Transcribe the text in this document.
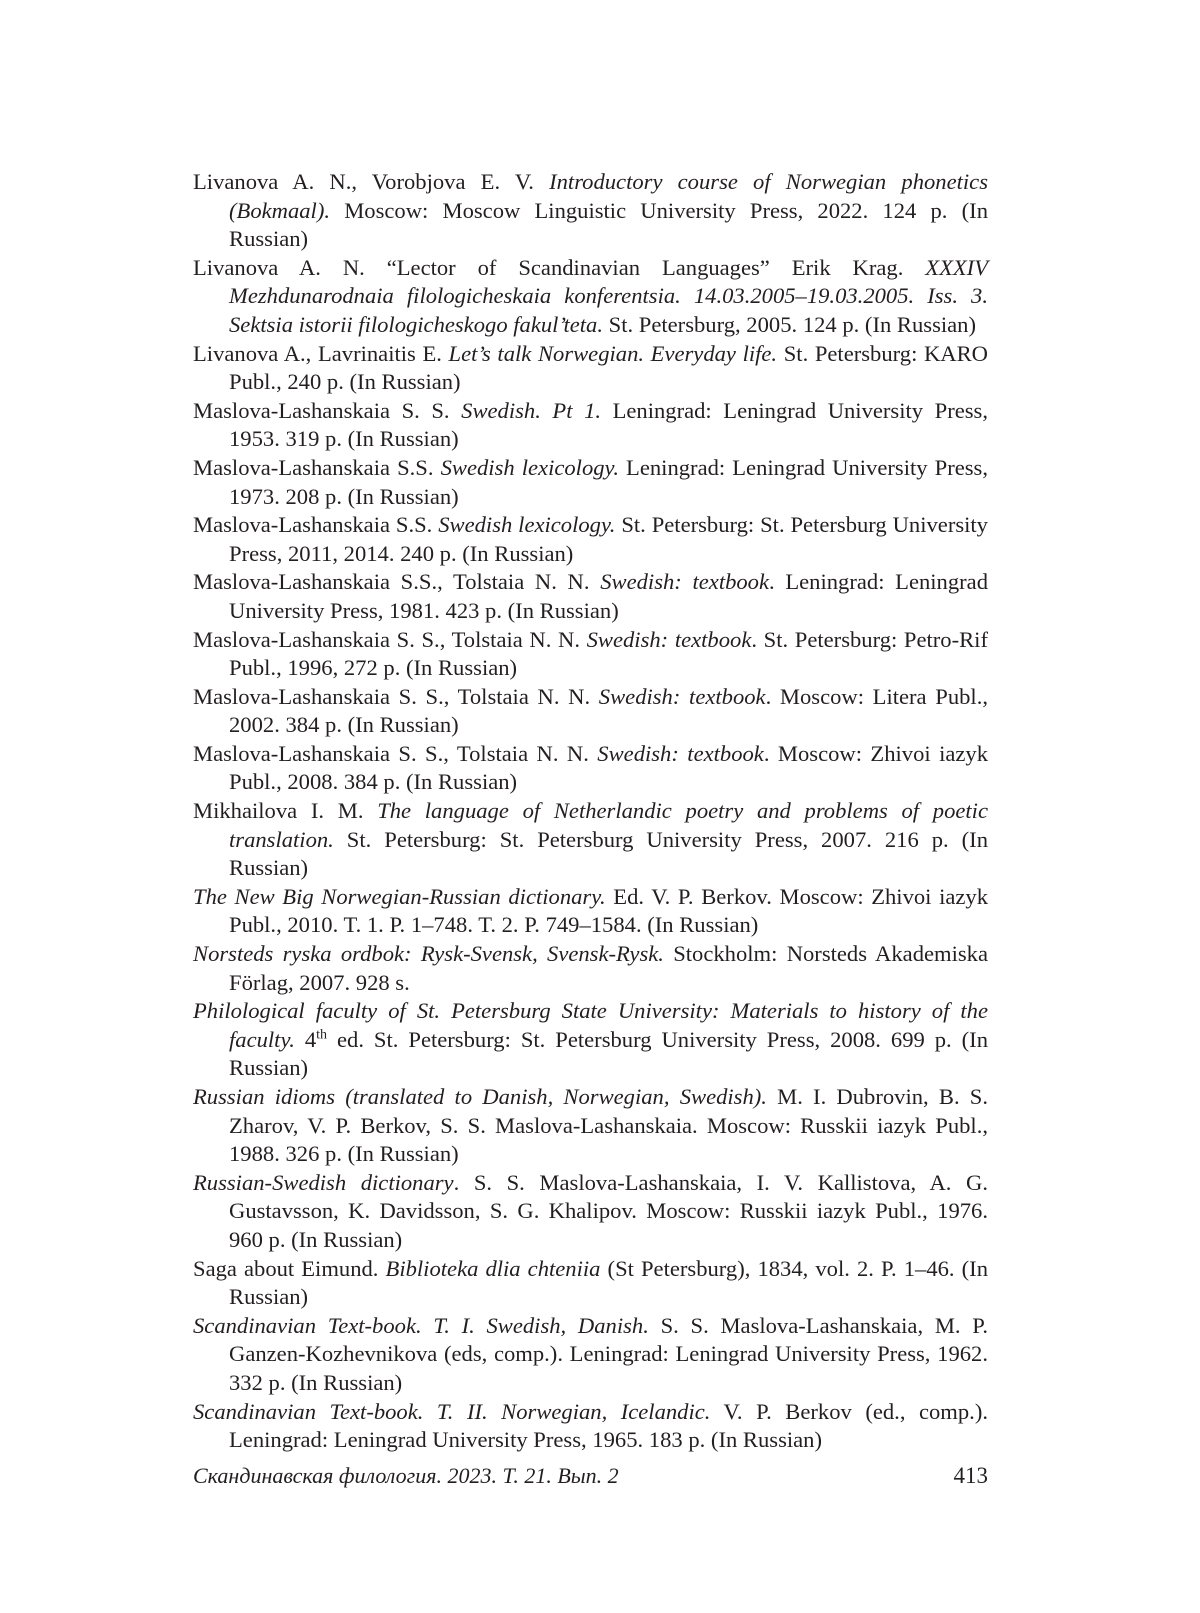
Livanova A. N., Vorobjova E. V. Introductory course of Norwegian phonetics (Bokmaal). Moscow: Moscow Linguistic University Press, 2022. 124 p. (In Russian)

Livanova A. N. “Lector of Scandinavian Languages” Erik Krag. XXXIV Mezhdunarodnaia filologicheskaia konferentsia. 14.03.2005–19.03.2005. Iss. 3. Sektsia istorii filologicheskogo fakul’teta. St. Petersburg, 2005. 124 p. (In Russian)

Livanova A., Lavrinaitis E. Let’s talk Norwegian. Everyday life. St. Petersburg: KARO Publ., 240 p. (In Russian)

Maslova-Lashanskaia S. S. Swedish. Pt 1. Leningrad: Leningrad University Press, 1953. 319 p. (In Russian)

Maslova-Lashanskaia S.S. Swedish lexicology. Leningrad: Leningrad University Press, 1973. 208 p. (In Russian)

Maslova-Lashanskaia S.S. Swedish lexicology. St. Petersburg: St. Petersburg University Press, 2011, 2014. 240 p. (In Russian)

Maslova-Lashanskaia S.S., Tolstaia N. N. Swedish: textbook. Leningrad: Leningrad University Press, 1981. 423 p. (In Russian)

Maslova-Lashanskaia S. S., Tolstaia N. N. Swedish: textbook. St. Petersburg: Petro-Rif Publ., 1996, 272 p. (In Russian)

Maslova-Lashanskaia S. S., Tolstaia N. N. Swedish: textbook. Moscow: Litera Publ., 2002. 384 p. (In Russian)

Maslova-Lashanskaia S. S., Tolstaia N. N. Swedish: textbook. Moscow: Zhivoi iazyk Publ., 2008. 384 p. (In Russian)

Mikhailova I. M. The language of Netherlandic poetry and problems of poetic translation. St. Petersburg: St. Petersburg University Press, 2007. 216 p. (In Russian)

The New Big Norwegian-Russian dictionary. Ed. V. P. Berkov. Moscow: Zhivoi iazyk Publ., 2010. T. 1. P. 1–748. T. 2. P. 749–1584. (In Russian)

Norsteds ryska ordbok: Rysk-Svensk, Svensk-Rysk. Stockholm: Norsteds Akademiska Förlag, 2007. 928 s.

Philological faculty of St. Petersburg State University: Materials to history of the faculty. 4th ed. St. Petersburg: St. Petersburg University Press, 2008. 699 p. (In Russian)

Russian idioms (translated to Danish, Norwegian, Swedish). M. I. Dubrovin, B. S. Zharov, V. P. Berkov, S. S. Maslova-Lashanskaia. Moscow: Russkii iazyk Publ., 1988. 326 p. (In Russian)

Russian-Swedish dictionary. S. S. Maslova-Lashanskaia, I. V. Kallistova, A. G. Gustavsson, K. Davidsson, S. G. Khalipov. Moscow: Russkii iazyk Publ., 1976. 960 p. (In Russian)

Saga about Eimund. Biblioteka dlia chteniia (St Petersburg), 1834, vol. 2. P. 1–46. (In Russian)

Scandinavian Text-book. T. I. Swedish, Danish. S. S. Maslova-Lashanskaia, M. P. Ganzen-Kozhevnikova (eds, comp.). Leningrad: Leningrad University Press, 1962. 332 p. (In Russian)

Scandinavian Text-book. T. II. Norwegian, Icelandic. V. P. Berkov (ed., comp.). Leningrad: Leningrad University Press, 1965. 183 p. (In Russian)

Скандинавская филология. 2023. Т. 21. Вып. 2	413
